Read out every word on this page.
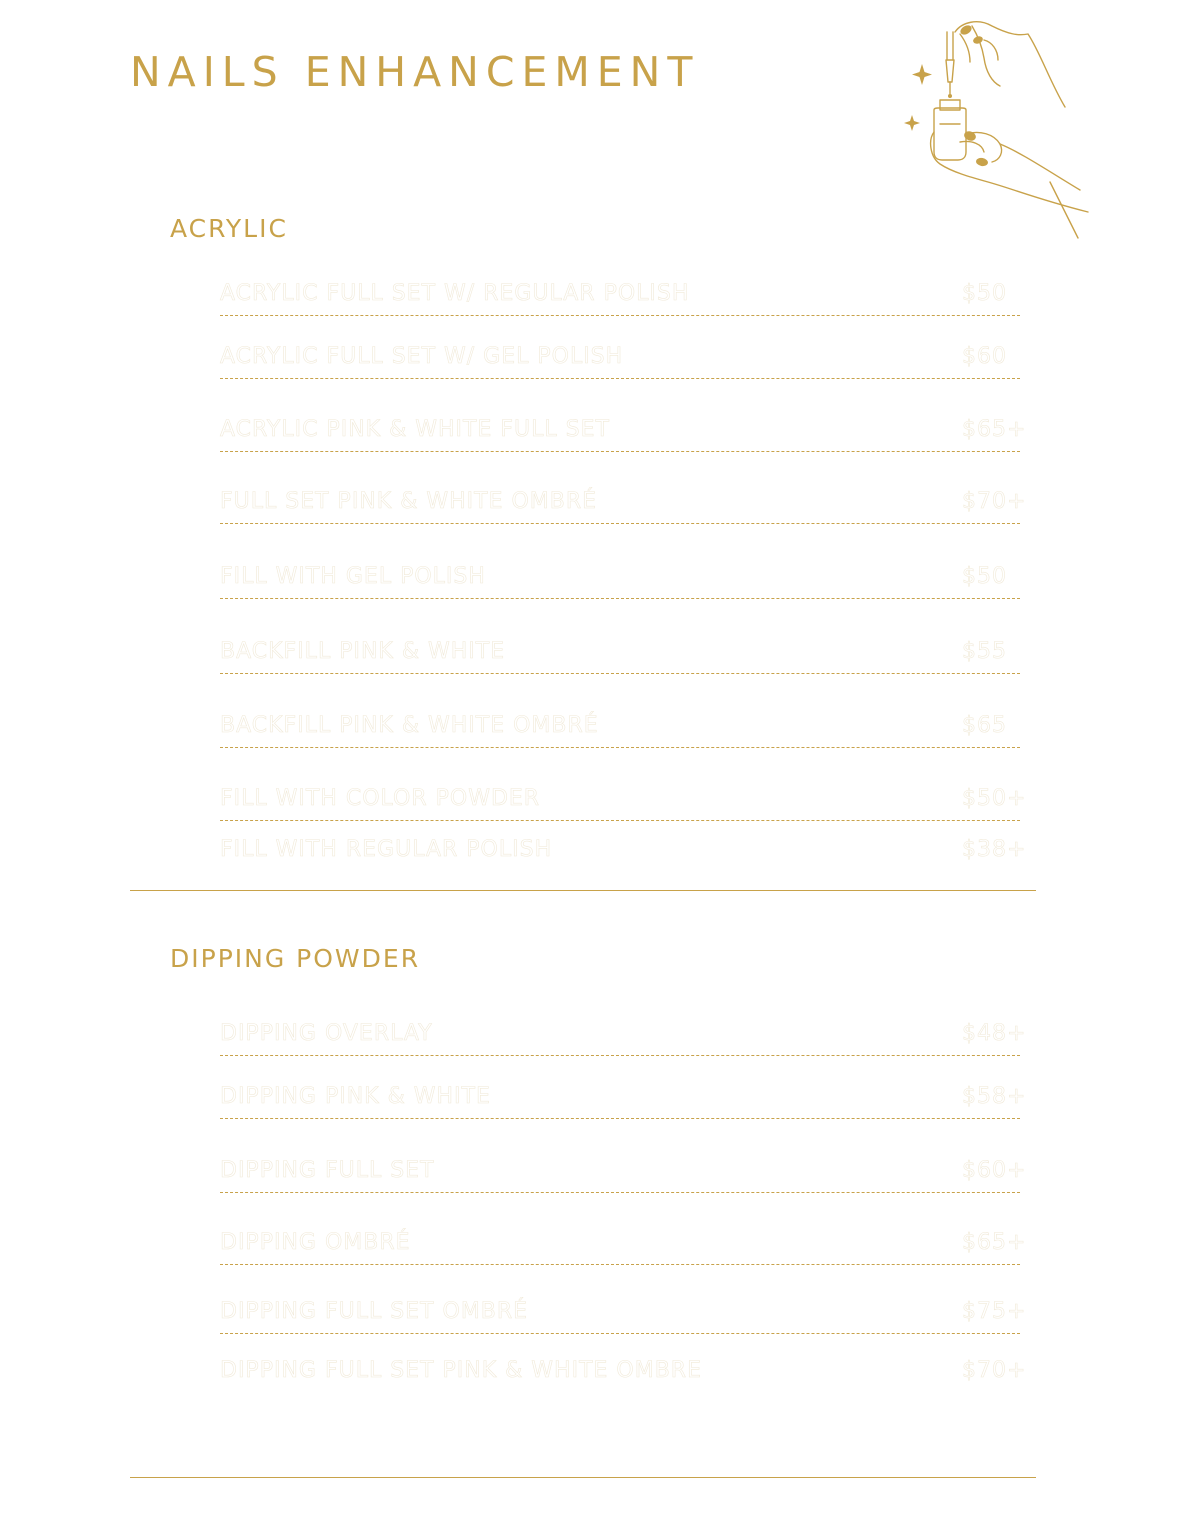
NAILS ENHANCEMENT
ACRYLIC
ACRYLIC FULL SET W/ REGULAR POLISH	$50
ACRYLIC FULL SET W/ GEL POLISH	$60
ACRYLIC PINK & WHITE FULL SET	$65+
FULL SET PINK & WHITE OMBRÉ	$70+
FILL WITH GEL POLISH	$50
BACKFILL PINK & WHITE	$55
BACKFILL PINK & WHITE OMBRÉ	$65
FILL WITH COLOR POWDER	$50+
FILL WITH REGULAR POLISH	$38+
DIPPING POWDER
DIPPING OVERLAY	$48+
DIPPING PINK & WHITE	$58+
DIPPING FULL SET	$60+
DIPPING OMBRÉ	$65+
DIPPING FULL SET OMBRÉ	$75+
DIPPING FULL SET PINK & WHITE OMBRE	$70+
